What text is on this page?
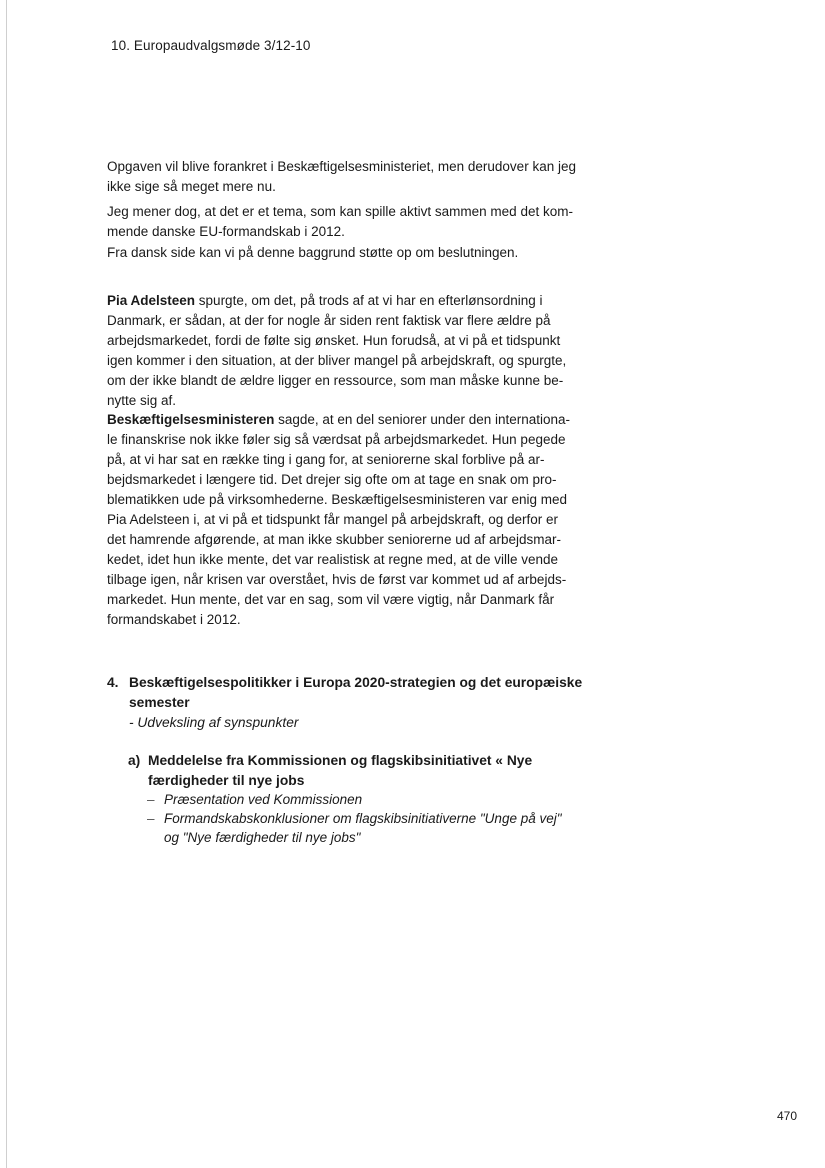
10. Europaudvalgsmøde 3/12-10

Opgaven vil blive forankret i Beskæftigelsesministeriet, men derudover kan jeg
ikke sige så meget mere nu.

Jeg mener dog, at det er et tema, som kan spille aktivt sammen med det kom-
mende danske EU-formandskab i 2012.

Fra dansk side kan vi på denne baggrund støtte op om beslutningen.

Pia Adelsteen spurgte, om det, på trods af at vi har en efterlønsordning i
Danmark, er sådan, at der for nogle år siden rent faktisk var flere ældre på
arbejdsmarkedet, fordi de følte sig ønsket. Hun forudså, at vi på et tidspunkt
igen kommer i den situation, at der bliver mangel på arbejdskraft, og spurgte,
om der ikke blandt de ældre ligger en ressource, som man måske kunne be-
nytte sig af.

Beskæftigelsesministeren sagde, at en del seniorer under den internationa-
le finanskrise nok ikke føler sig så værdsat på arbejdsmarkedet. Hun pegede
på, at vi har sat en række ting i gang for, at seniorerne skal forblive på ar-
bejdsmarkedet i længere tid. Det drejer sig ofte om at tage en snak om pro-
blematikken ude på virksomhederne. Beskæftigelsesministeren var enig med
Pia Adelsteen i, at vi på et tidspunkt får mangel på arbejdskraft, og derfor er
det hamrende afgørende, at man ikke skubber seniorerne ud af arbejdsmar-
kedet, idet hun ikke mente, det var realistisk at regne med, at de ville vende
tilbage igen, når krisen var overstået, hvis de først var kommet ud af arbejds-
markedet. Hun mente, det var en sag, som vil være vigtig, når Danmark får
formandskabet i 2012.

4. Beskæftigelsespolitikker i Europa 2020-strategien og det europæiske
semester
- Udveksling af synspunkter
a) Meddelelse fra Kommissionen og flagskibsinitiativet « Nye
færdigheder til nye jobs
– Præsentation ved Kommissionen
– Formandskabskonklusioner om flagskibsinitiativerne "Unge på vej"
og "Nye færdigheder til nye jobs"
470
